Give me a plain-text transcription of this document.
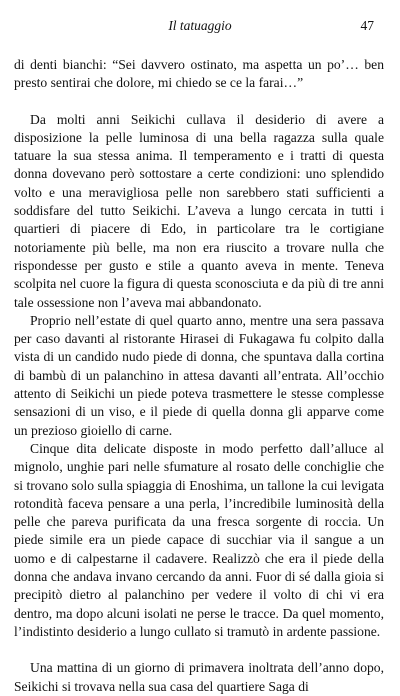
Il tatuaggio	47

di denti bianchi: “Sei davvero ostinato, ma aspetta un po’… ben presto sentirai che dolore, mi chiedo se ce la farai…”

Da molti anni Seikichi cullava il desiderio di avere a disposizione la pelle luminosa di una bella ragazza sulla quale tatuare la sua stessa anima. Il temperamento e i tratti di questa donna dovevano però sottostare a certe condizioni: uno splendido volto e una meravigliosa pelle non sarebbero stati sufficienti a soddisfare del tutto Seikichi. L’aveva a lungo cercata in tutti i quartieri di piacere di Edo, in particolare tra le cortigiane notoriamente più belle, ma non era riuscito a trovare nulla che rispondesse per gusto e stile a quanto aveva in mente. Teneva scolpita nel cuore la figura di questa sconosciuta e da più di tre anni tale ossessione non l’aveva mai abbandonato.

Proprio nell’estate di quel quarto anno, mentre una sera passava per caso davanti al ristorante Hirasei di Fukagawa fu colpito dalla vista di un candido nudo piede di donna, che spuntava dalla cortina di bambù di un palanchino in attesa davanti all’entrata. All’occhio attento di Seikichi un piede poteva trasmettere le stesse complesse sensazioni di un viso, e il piede di quella donna gli apparve come un prezioso gioiello di carne.

Cinque dita delicate disposte in modo perfetto dall’alluce al mignolo, unghie pari nelle sfumature al rosato delle conchiglie che si trovano solo sulla spiaggia di Enoshima, un tallone la cui levigata rotondità faceva pensare a una perla, l’incredibile luminosità della pelle che pareva purificata da una fresca sorgente di roccia. Un piede simile era un piede capace di succhiar via il sangue a un uomo e di calpestarne il cadavere. Realizzò che era il piede della donna che andava invano cercando da anni. Fuor di sé dalla gioia si precipitò dietro al palanchino per vedere il volto di chi vi era dentro, ma dopo alcuni isolati ne perse le tracce. Da quel momento, l’indistinto desiderio a lungo cullato si tramutò in ardente passione.

Una mattina di un giorno di primavera inoltrata dell’anno dopo, Seikichi si trovava nella sua casa del quartiere Saga di
